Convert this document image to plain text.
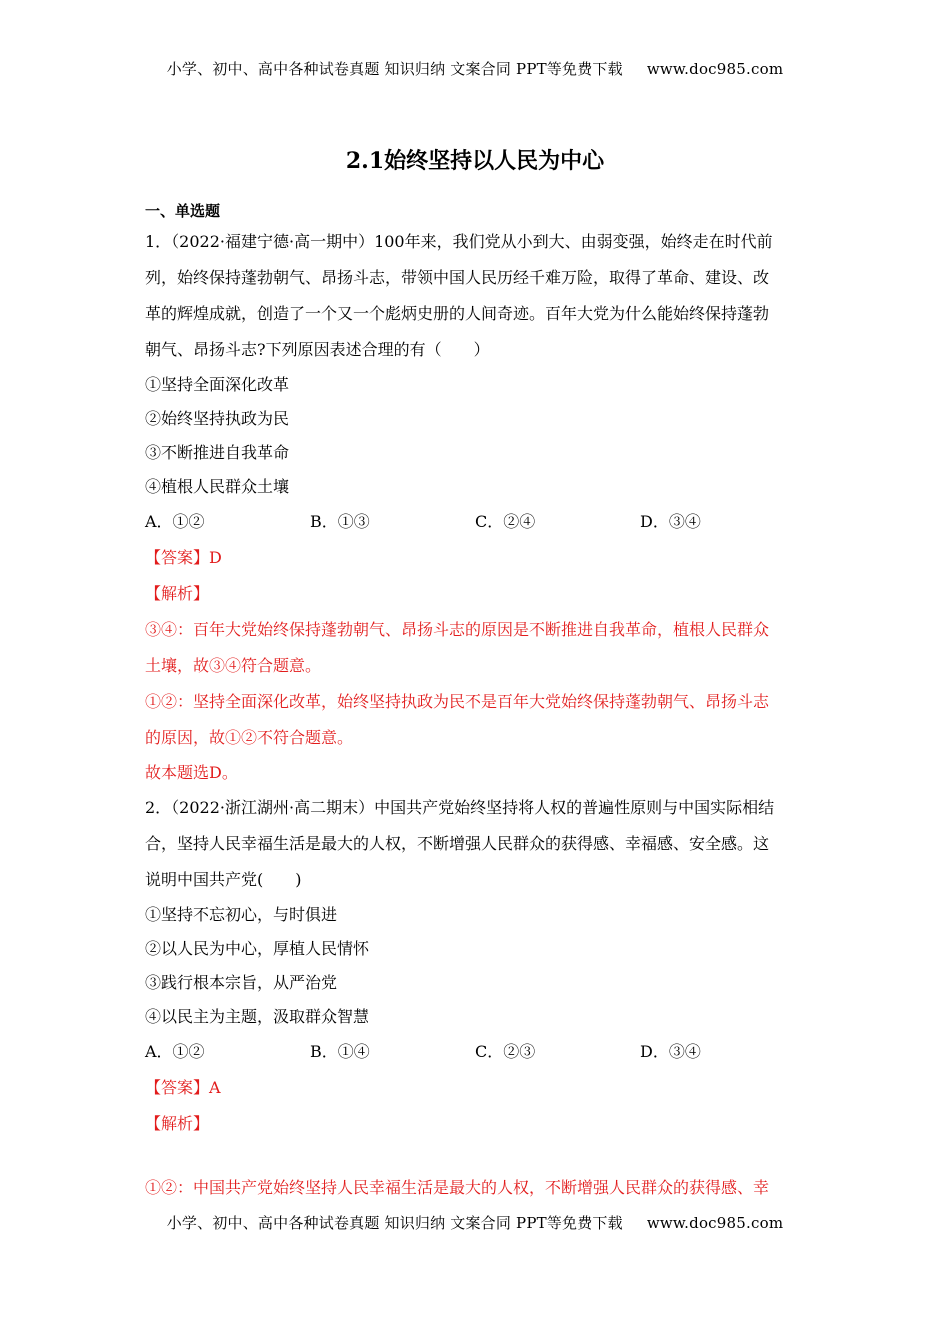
小学、初中、高中各种试卷真题 知识归纳 文案合同 PPT等免费下载 www.doc985.com
2.1始终坚持以人民为中心
一、单选题
1．（2022·福建宁德·高一期中）100年来，我们党从小到大、由弱变强，始终走在时代前
列，始终保持蓬勃朝气、昂扬斗志，带领中国人民历经千难万险，取得了革命、建设、改
革的辉煌成就，创造了一个又一个彪炳史册的人间奇迹。百年大党为什么能始终保持蓬勃
朝气、昂扬斗志?下列原因表述合理的有（　　）
①坚持全面深化改革
②始终坚持执政为民
③不断推进自我革命
④植根人民群众土壤
A．①②	B．①③	C．②④	D．③④
【答案】D
【解析】
③④：百年大党始终保持蓬勃朝气、昂扬斗志的原因是不断推进自我革命，植根人民群众
土壤，故③④符合题意。
①②：坚持全面深化改革，始终坚持执政为民不是百年大党始终保持蓬勃朝气、昂扬斗志
的原因，故①②不符合题意。
故本题选D。
2．（2022·浙江湖州·高二期末）中国共产党始终坚持将人权的普遍性原则与中国实际相结
合，坚持人民幸福生活是最大的人权，不断增强人民群众的获得感、幸福感、安全感。这
说明中国共产党(　　)
①坚持不忘初心，与时俱进
②以人民为中心，厚植人民情怀
③践行根本宗旨，从严治党
④以民主为主题，汲取群众智慧
A．①②	B．①④	C．②③	D．③④
【答案】A
【解析】
①②：中国共产党始终坚持人民幸福生活是最大的人权，不断增强人民群众的获得感、幸
小学、初中、高中各种试卷真题 知识归纳 文案合同 PPT等免费下载 www.doc985.com
